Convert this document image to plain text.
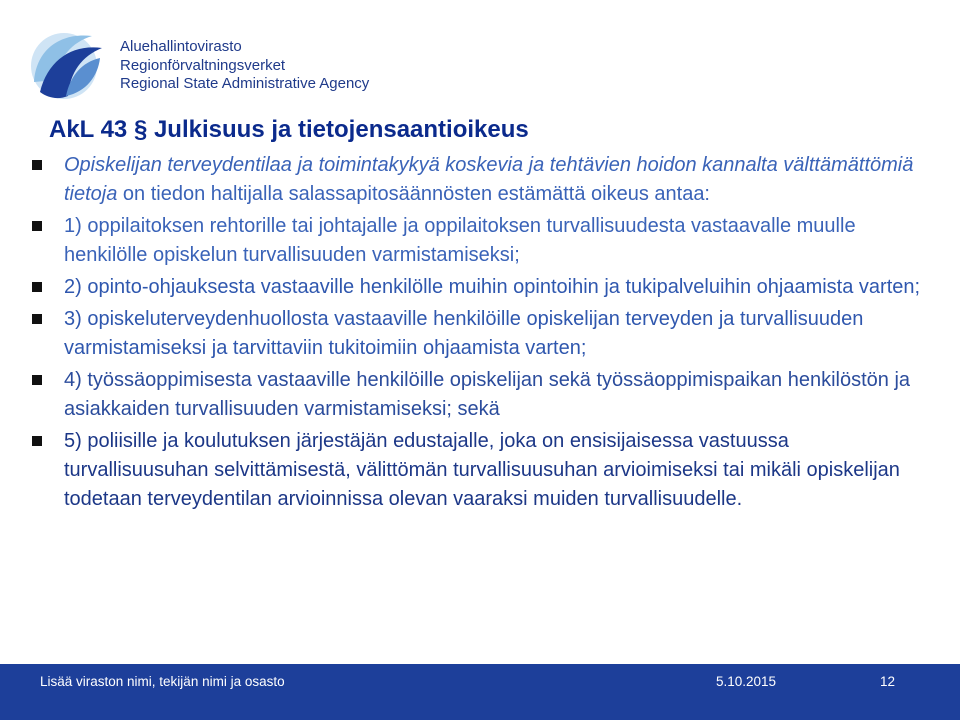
Aluehallintovirasto
Regionförvaltningsverket
Regional State Administrative Agency
AkL 43 § Julkisuus ja tietojensaantioikeus
Opiskelijan terveydentilaa ja toimintakykyä koskevia ja tehtävien hoidon kannalta välttämättömiä tietoja on tiedon haltijalla salassapitosäännösten estämättä oikeus antaa:
1) oppilaitoksen rehtorille tai johtajalle ja oppilaitoksen turvallisuudesta vastaavalle muulle henkilölle opiskelun turvallisuuden varmistamiseksi;
2) opinto-ohjauksesta vastaaville henkilölle muihin opintoihin ja tukipalveluihin ohjaamista varten;
3) opiskeluterveydenhuollosta vastaaville henkilöille opiskelijan terveyden ja turvallisuuden varmistamiseksi ja tarvittaviin tukitoimiin ohjaamista varten;
4) työssäoppimisesta vastaaville henkilöille opiskelijan sekä työssäoppimispaikan henkilöstön ja asiakkaiden turvallisuuden varmistamiseksi; sekä
5) poliisille ja koulutuksen järjestäjän edustajalle, joka on ensisijaisessa vastuussa turvallisuusuhan selvittämisestä, välittömän turvallisuusuhan arvioimiseksi tai mikäli opiskelijan todetaan terveydentilan arvioinnissa olevan vaaraksi muiden turvallisuudelle.
Lisää viraston nimi, tekijän nimi ja osasto	5.10.2015	12
